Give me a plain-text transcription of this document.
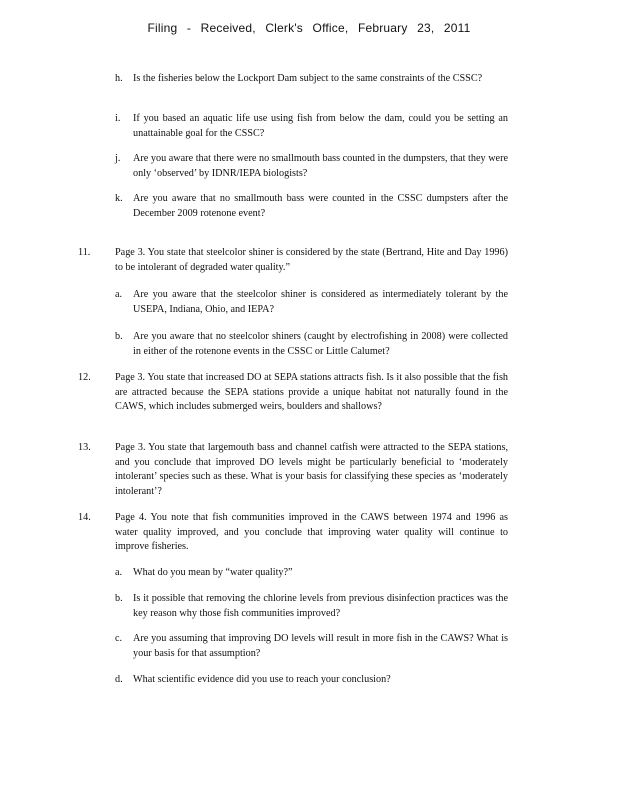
Filing - Received, Clerk's Office, February 23, 2011
h.	Is the fisheries below the Lockport Dam subject to the same constraints of the CSSC?
i.	If you based an aquatic life use using fish from below the dam, could you be setting an unattainable goal for the CSSC?
j.	Are you aware that there were no smallmouth bass counted in the dumpsters, that they were only ‘observed’ by IDNR/IEPA biologists?
k.	Are you aware that no smallmouth bass were counted in the CSSC dumpsters after the December 2009 rotenone event?
11.	Page 3. You state that steelcolor shiner is considered by the state (Bertrand, Hite and Day 1996) to be intolerant of degraded water quality.”
a.	Are you aware that the steelcolor shiner is considered as intermediately tolerant by the USEPA, Indiana, Ohio, and IEPA?
b.	Are you aware that no steelcolor shiners (caught by electrofishing in 2008) were collected in either of the rotenone events in the CSSC or Little Calumet?
12.	Page 3. You state that increased DO at SEPA stations attracts fish. Is it also possible that the fish are attracted because the SEPA stations provide a unique habitat not naturally found in the CAWS, which includes submerged weirs, boulders and shallows?
13.	Page 3. You state that largemouth bass and channel catfish were attracted to the SEPA stations, and you conclude that improved DO levels might be particularly beneficial to ‘moderately intolerant’ species such as these. What is your basis for classifying these species as ‘moderately intolerant’?
14.	Page 4. You note that fish communities improved in the CAWS between 1974 and 1996 as water quality improved, and you conclude that improving water quality will continue to improve fisheries.
a.	What do you mean by “water quality?”
b.	Is it possible that removing the chlorine levels from previous disinfection practices was the key reason why those fish communities improved?
c.	Are you assuming that improving DO levels will result in more fish in the CAWS? What is your basis for that assumption?
d.	What scientific evidence did you use to reach your conclusion?
